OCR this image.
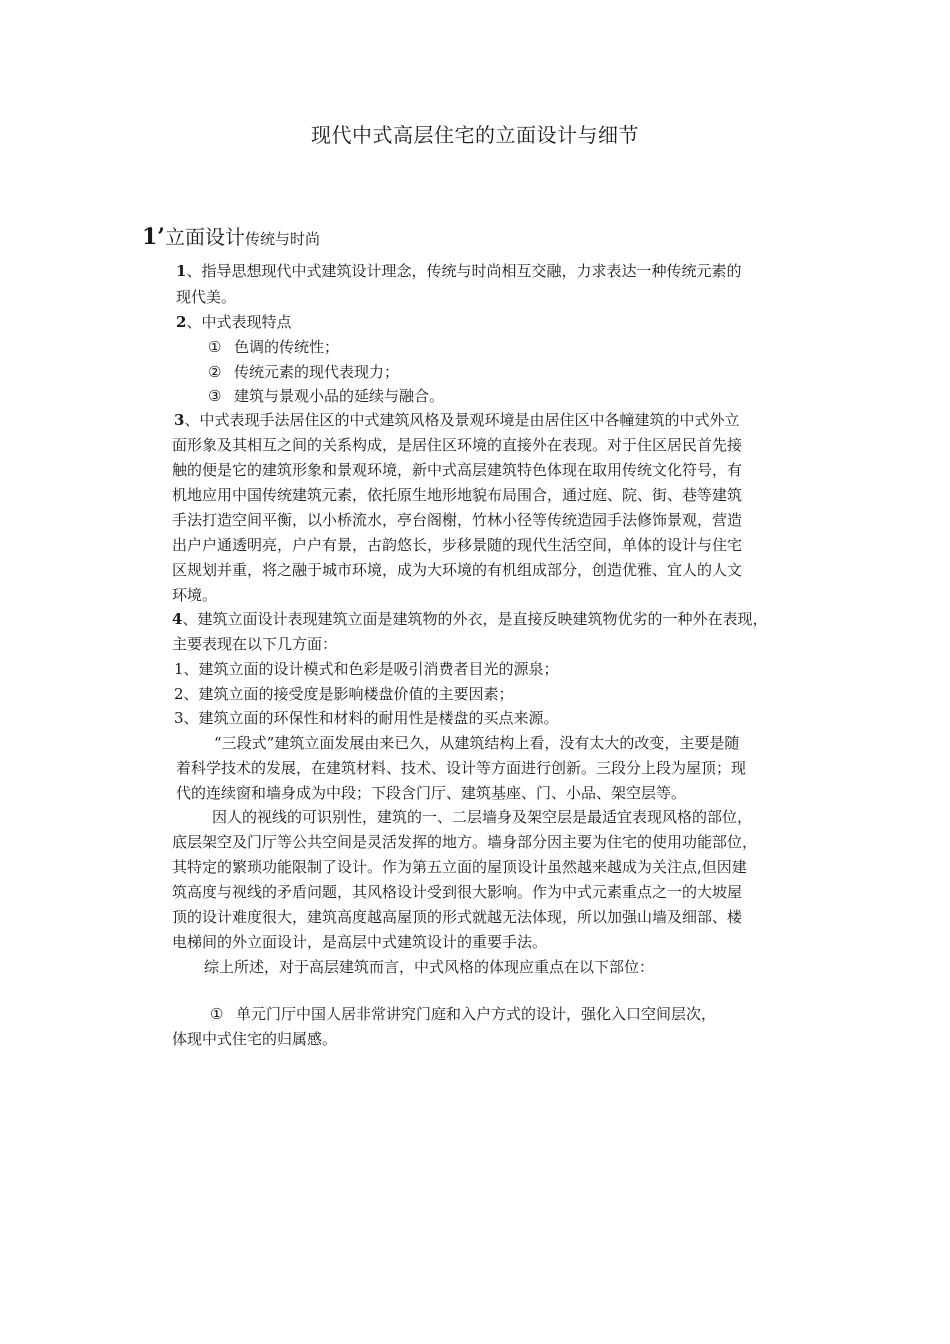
现代中式高层住宅的立面设计与细节
1’立面设计传统与时尚
1、指导思想现代中式建筑设计理念，传统与时尚相互交融，力求表达一种传统元素的
现代美。
2、中式表现特点
① 色调的传统性；
② 传统元素的现代表现力；
③ 建筑与景观小品的延续与融合。
3、中式表现手法居住区的中式建筑风格及景观环境是由居住区中各幢建筑的中式外立
面形象及其相互之间的关系构成，是居住区环境的直接外在表现。对于住区居民首先接
触的便是它的建筑形象和景观环境，新中式高层建筑特色体现在取用传统文化符号，有
机地应用中国传统建筑元素，依托原生地形地貌布局围合，通过庭、院、街、巷等建筑
手法打造空间平衡，以小桥流水，亭台阁榭，竹林小径等传统造园手法修饰景观，营造
出户户通透明亮，户户有景，古韵悠长，步移景随的现代生活空间，单体的设计与住宅
区规划并重，将之融于城市环境，成为大环境的有机组成部分，创造优雅、宜人的人文
环境。
4、建筑立面设计表现建筑立面是建筑物的外衣，是直接反映建筑物优劣的一种外在表现，
主要表现在以下几方面：
1、建筑立面的设计模式和色彩是吸引消费者目光的源泉；
2、建筑立面的接受度是影响楼盘价值的主要因素；
3、建筑立面的环保性和材料的耐用性是楼盘的买点来源。
“三段式”建筑立面发展由来已久，从建筑结构上看，没有太大的改变，主要是随
着科学技术的发展，在建筑材料、技术、设计等方面进行创新。三段分上段为屋顶；现
代的连续窗和墙身成为中段；下段含门厅、建筑基座、门、小品、架空层等。
因人的视线的可识别性，建筑的一、二层墙身及架空层是最适宜表现风格的部位，
底层架空及门厅等公共空间是灵活发挥的地方。墙身部分因主要为住宅的使用功能部位，
其特定的繁琐功能限制了设计。作为第五立面的屋顶设计虽然越来越成为关注点,但因建
筑高度与视线的矛盾问题，其风格设计受到很大影响。作为中式元素重点之一的大坡屋
顶的设计难度很大，建筑高度越高屋顶的形式就越无法体现，所以加强山墙及细部、楼
电梯间的外立面设计，是高层中式建筑设计的重要手法。
综上所述，对于高层建筑而言，中式风格的体现应重点在以下部位：
① 单元门厅中国人居非常讲究门庭和入户方式的设计，强化入口空间层次，
体现中式住宅的归属感。
